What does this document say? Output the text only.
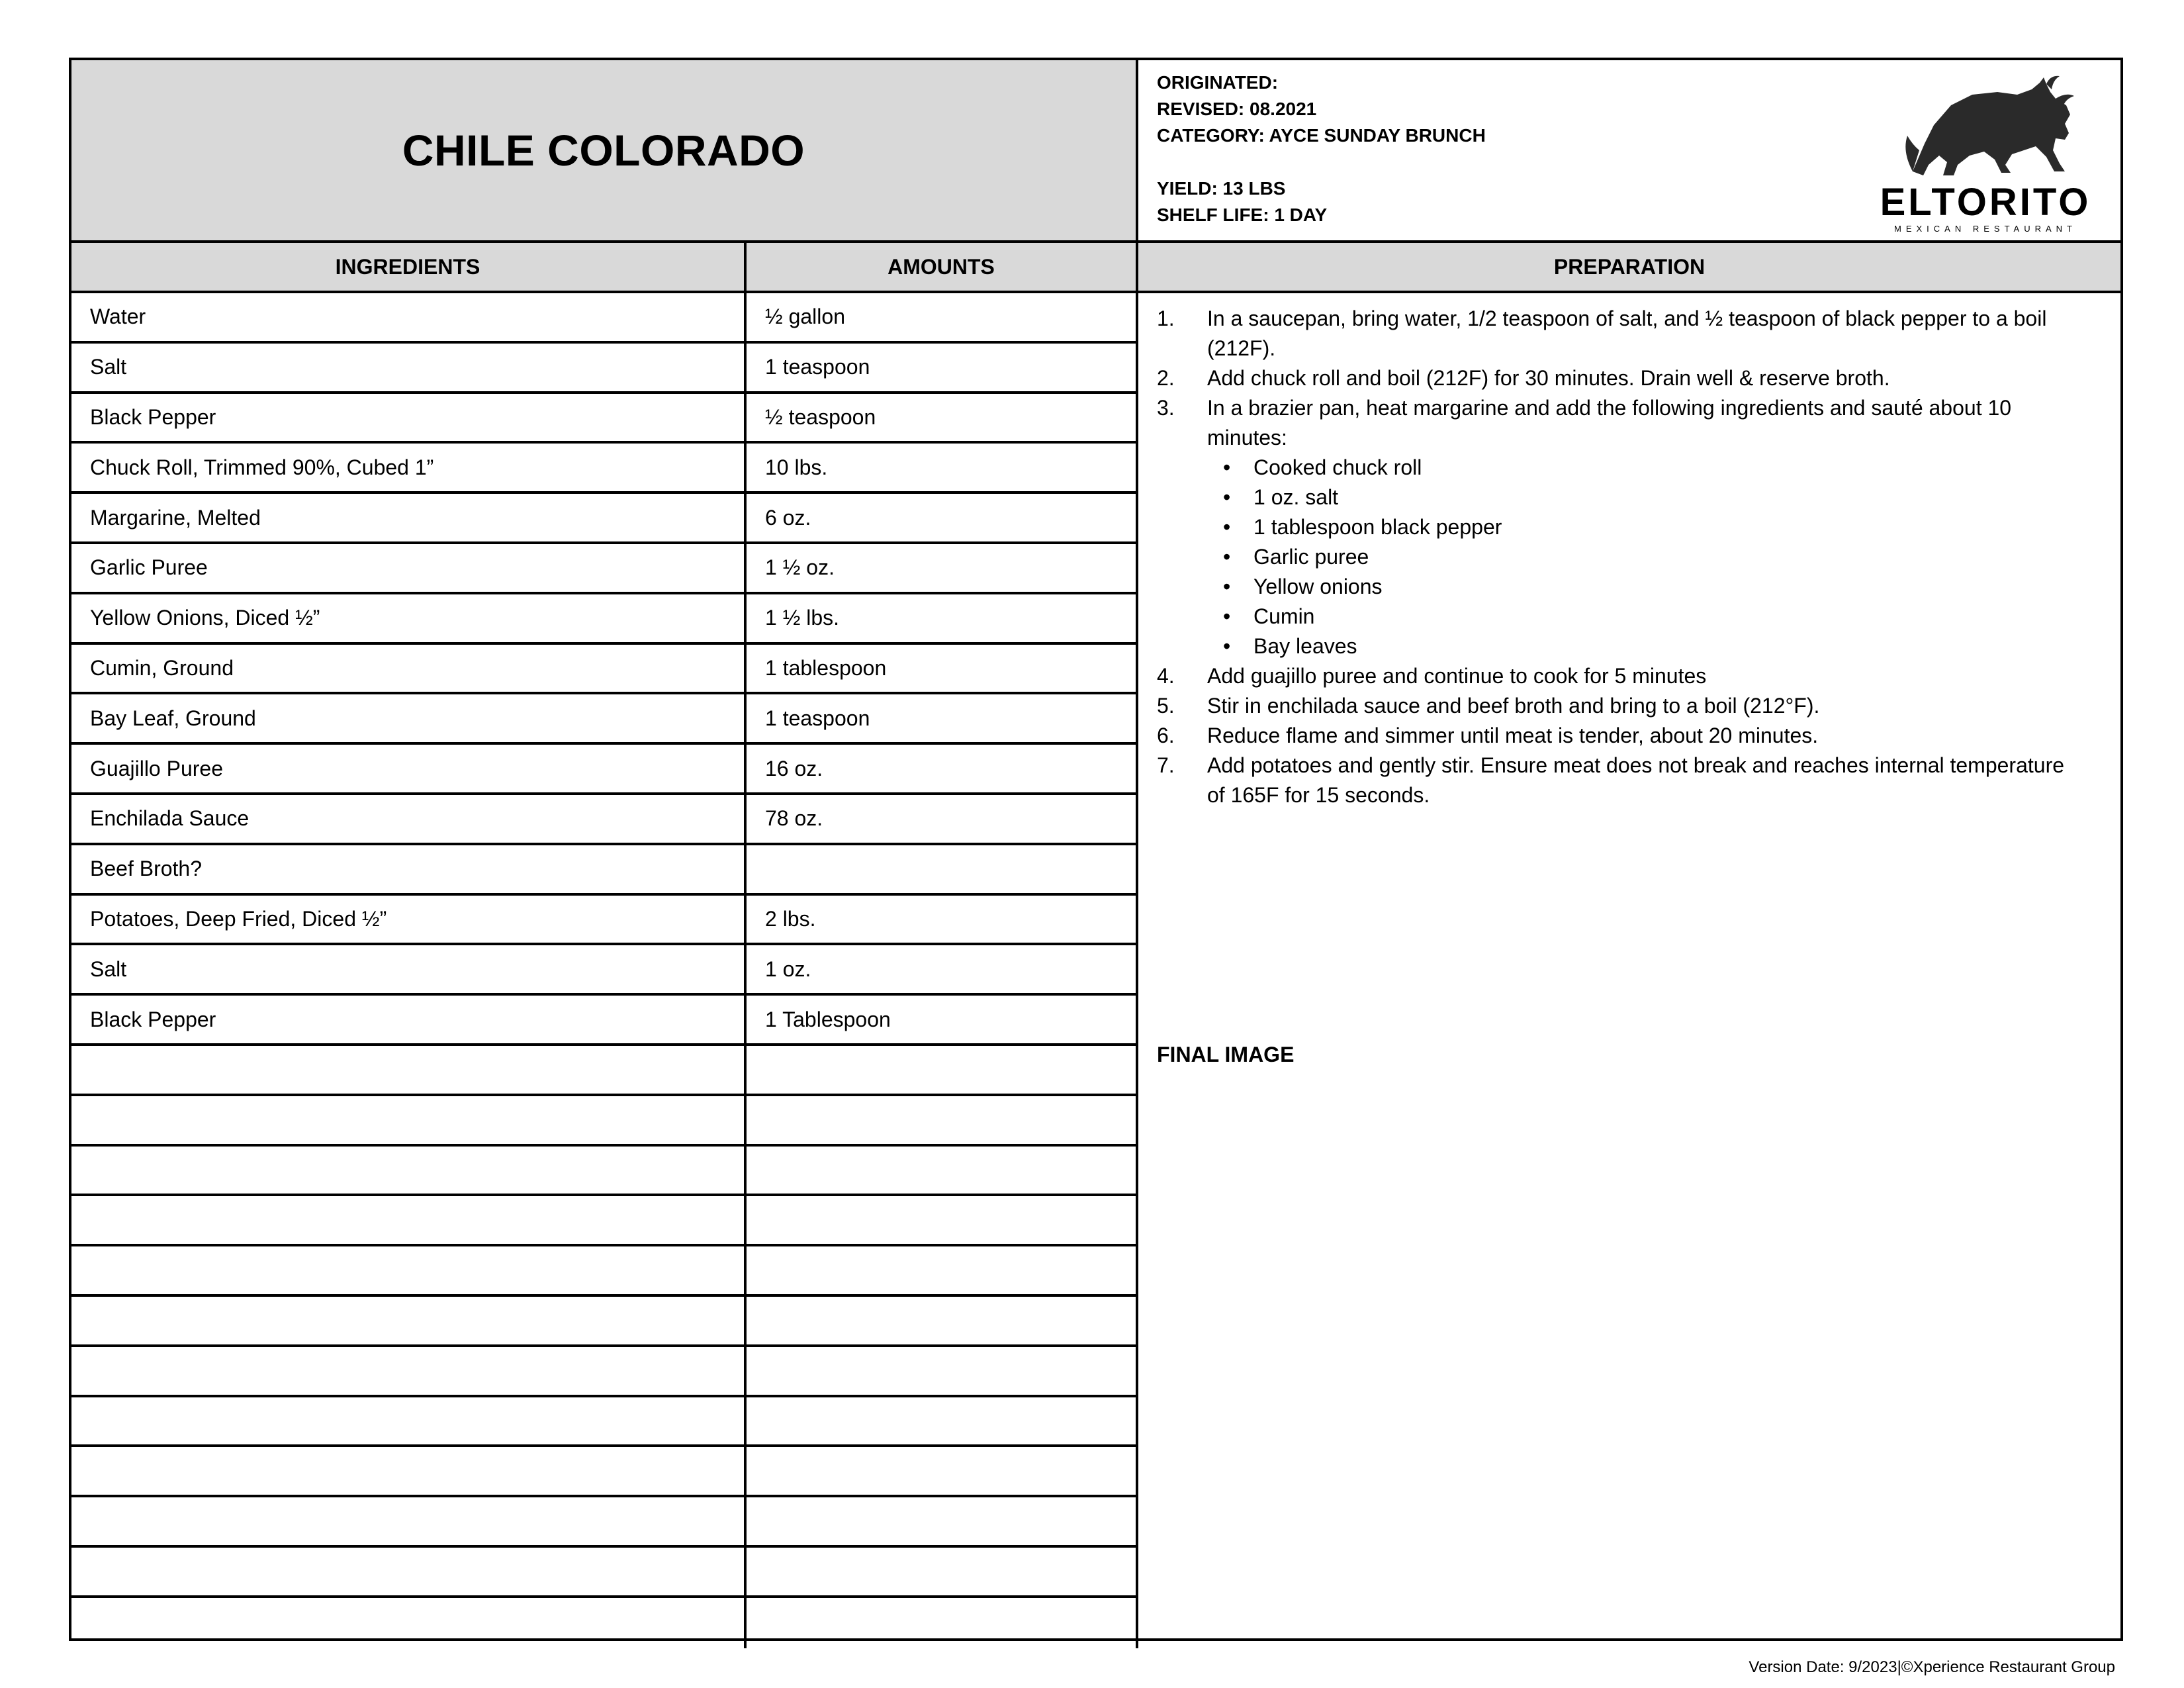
CHILE COLORADO
ORIGINATED:
REVISED: 08.2021
CATEGORY: AYCE SUNDAY BRUNCH
YIELD: 13 LBS
SHELF LIFE: 1 DAY	ELTORITO
MEXICAN RESTAURANT
INGREDIENTS	AMOUNTS	PREPARATION
Water	½ gallon
Salt	1 teaspoon
Black Pepper	½ teaspoon
Chuck Roll, Trimmed 90%, Cubed 1”	10 lbs.
Margarine, Melted	6 oz.
Garlic Puree	1 ½ oz.
Yellow Onions, Diced ½”	1 ½ lbs.
Cumin, Ground	1 tablespoon
Bay Leaf, Ground	1 teaspoon
Guajillo Puree	16 oz.
Enchilada Sauce	78 oz.
Beef Broth?
Potatoes, Deep Fried, Diced ½”	2 lbs.
Salt	1 oz.
Black Pepper	1 Tablespoon
1. In a saucepan, bring water, 1/2 teaspoon of salt, and ½ teaspoon of black pepper to a boil (212F).
2. Add chuck roll and boil (212F) for 30 minutes. Drain well & reserve broth.
3. In a brazier pan, heat margarine and add the following ingredients and sauté about 10 minutes:
• Cooked chuck roll
• 1 oz. salt
• 1 tablespoon black pepper
• Garlic puree
• Yellow onions
• Cumin
• Bay leaves
4. Add guajillo puree and continue to cook for 5 minutes
5. Stir in enchilada sauce and beef broth and bring to a boil (212°F).
6. Reduce flame and simmer until meat is tender, about 20 minutes.
7. Add potatoes and gently stir. Ensure meat does not break and reaches internal temperature of 165F for 15 seconds.
FINAL IMAGE
Version Date: 9/2023|©Xperience Restaurant Group
